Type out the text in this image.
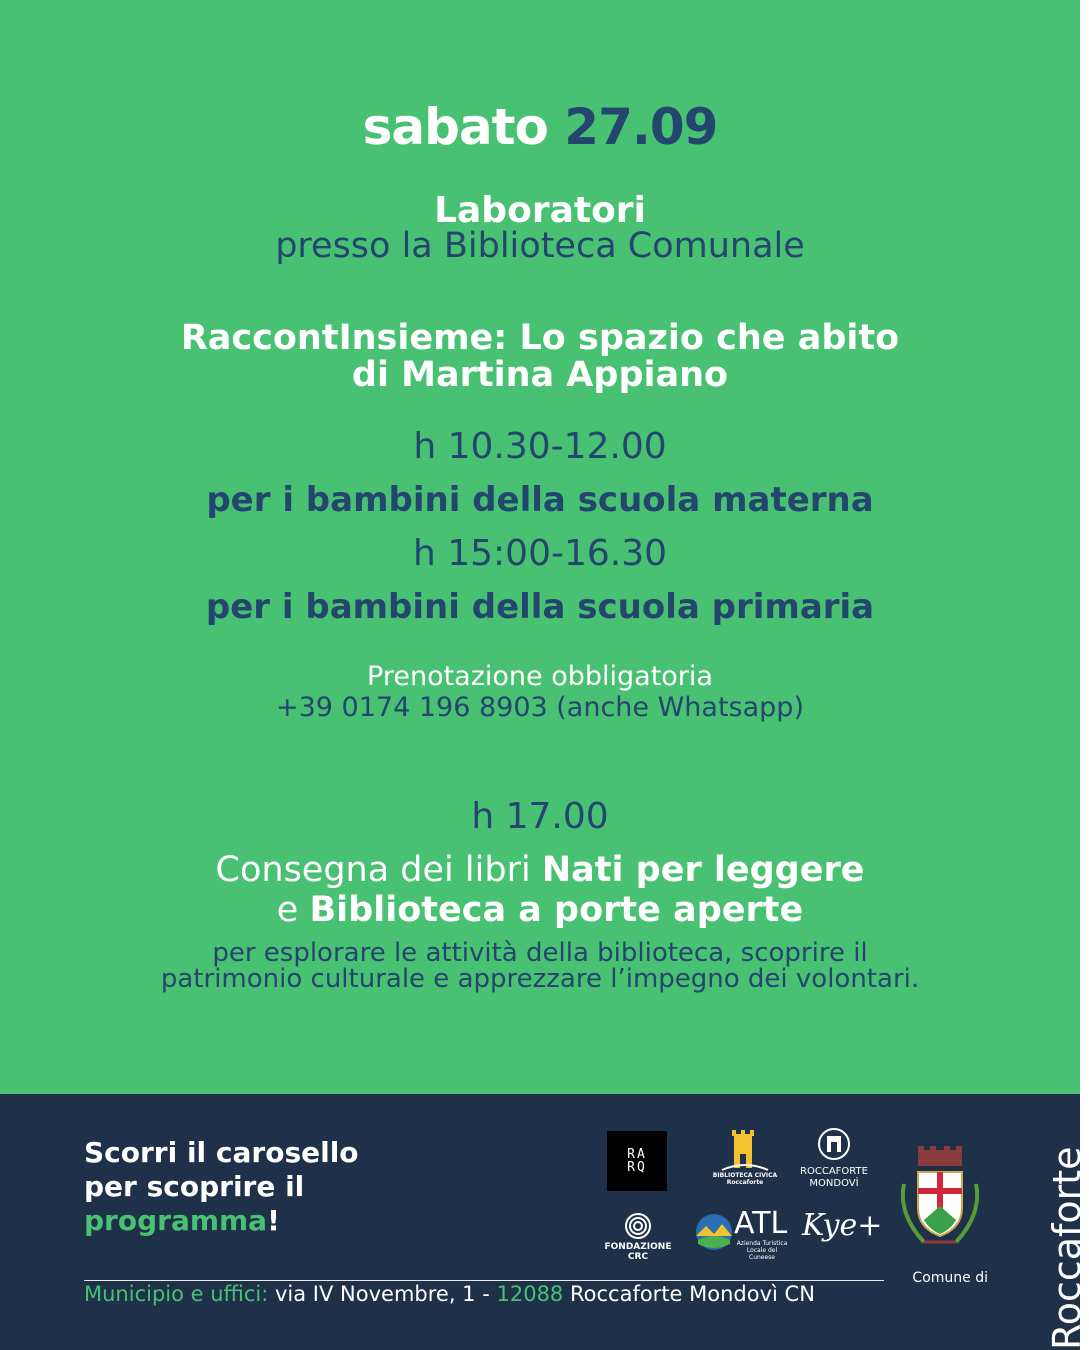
sabato 27.09
Laboratori
presso la Biblioteca Comunale
RaccontInsieme: Lo spazio che abito
di Martina Appiano
h 10.30-12.00
per i bambini della scuola materna
h 15:00-16.30
per i bambini della scuola primaria
Prenotazione obbligatoria
+39 0174 196 8903 (anche Whatsapp)
h 17.00
Consegna dei libri Nati per leggere
e Biblioteca a porte aperte
per esplorare le attività della biblioteca, scoprire il
patrimonio culturale e apprezzare l’impegno dei volontari.
Scorri il carosello
per scoprire il
programma!
RA
RQ
BIBLIOTECA CIVICA Roccaforte
ROCCAFORTE MONDOVÌ
FONDAZIONE CRC
ATL
Azienda Turistica Locale del Cuneese
Kye+
Comune di
Municipio e uffici: via IV Novembre, 1 - 12088 Roccaforte Mondovì CN	Roccaforte
